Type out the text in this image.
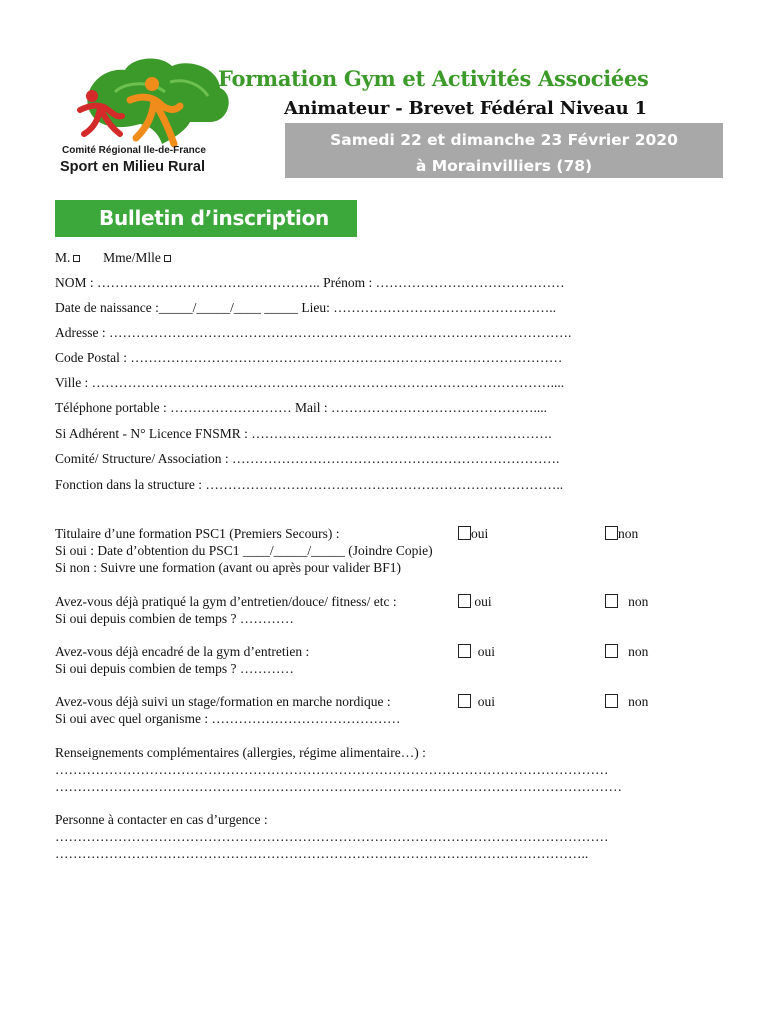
Comité Régional Ile-de-France
Sport en Milieu Rural
Formation Gym et Activités Associées
Animateur - Brevet Fédéral Niveau 1
Samedi 22 et dimanche 23 Février 2020
à Morainvilliers (78)
Bulletin d’inscription
M. Mme/Mlle
NOM : ………………………………………….. Prénom : ……………………………………
Date de naissance :_____/_____/____ _____ Lieu: …………………………………………..
Adresse : ………………………………………………………………………………………….
Code Postal : ……………………………………………………………………………………
Ville : …………………………………………………………………………………………....
Téléphone portable : ……………………… Mail : ………………………………………....
Si Adhérent - N° Licence FNSMR : ………………………………………………………….
Comité/ Structure/ Association : ……………………………………………………………….
Fonction dans la structure : ……………………………………………………………………..
Titulaire d’une formation PSC1 (Premiers Secours) :	oui	non
Si oui : Date d’obtention du PSC1 ____/_____/_____ (Joindre Copie)
Si non : Suivre une formation (avant ou après pour valider BF1)
Avez-vous déjà pratiqué la gym d’entretien/douce/ fitness/ etc :	oui	non
Si oui depuis combien de temps ? …………
Avez-vous déjà encadré de la gym d’entretien :	oui	non
Si oui depuis combien de temps ? …………
Avez-vous déjà suivi un stage/formation en marche nordique :	oui	non
Si oui avec quel organisme : ……………………………………
Renseignements complémentaires (allergies, régime alimentaire…) :
……………………………………………………………………………………………………………
………………………………………………………………………………………………………………
Personne à contacter en cas d’urgence :
……………………………………………………………………………………………………………
………………………………………………………………………………………………………..
